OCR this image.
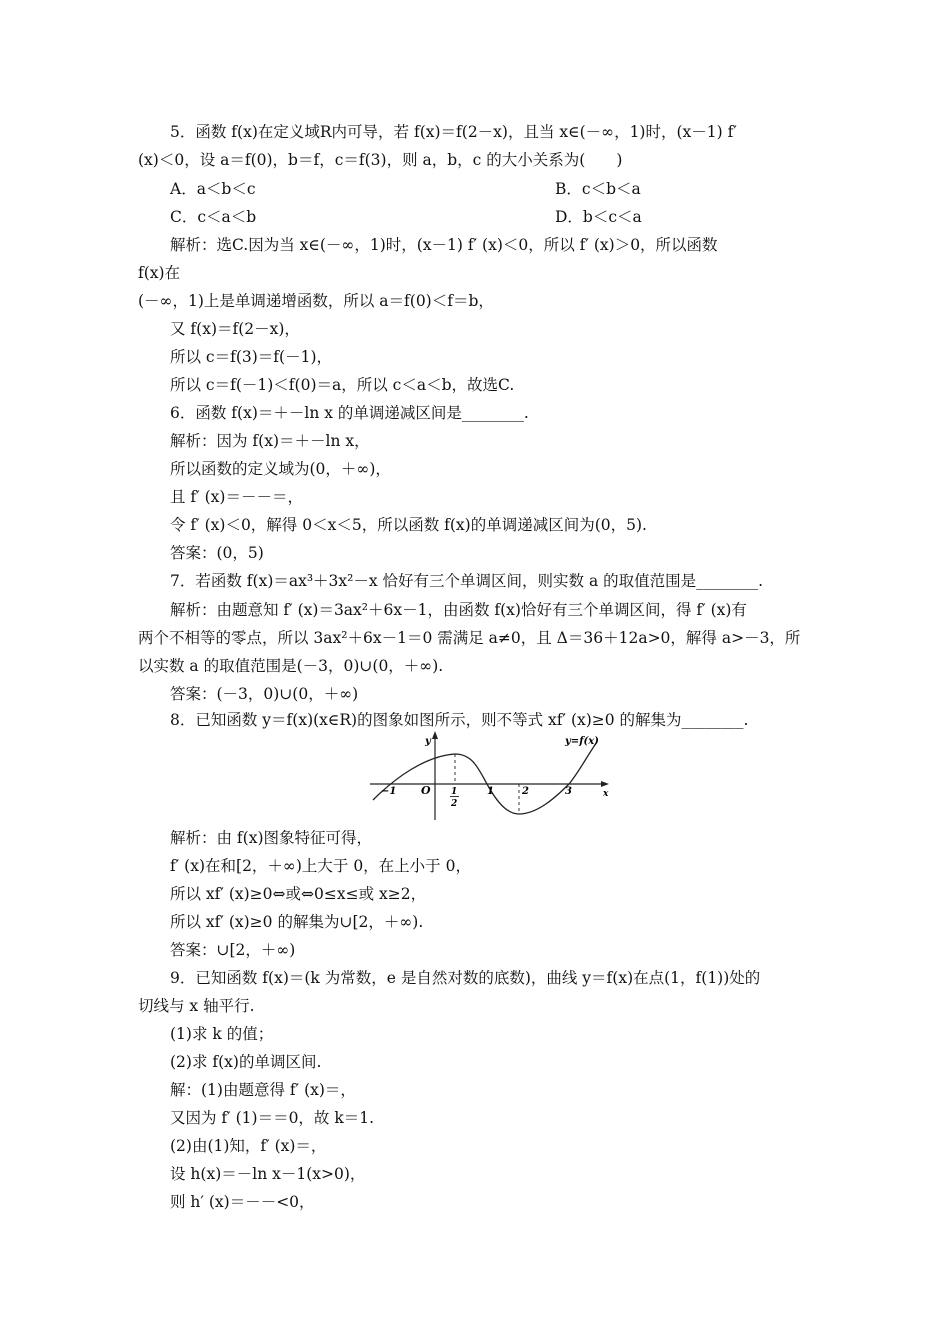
5．函数 f(x)在定义域R内可导，若 f(x)＝f(2－x)，且当 x∈(－∞，1)时，(x－1) f′
(x)＜0，设 a＝f(0)，b＝f，c＝f(3)，则 a，b，c 的大小关系为(　　)
A．a＜b＜c	B．c＜b＜a
C．c＜a＜b	D．b＜c＜a
解析：选C.因为当 x∈(－∞，1)时，(x－1) f′ (x)＜0，所以 f′ (x)＞0，所以函数
f(x)在
(－∞，1)上是单调递增函数，所以 a＝f(0)＜f＝b，
又 f(x)＝f(2－x)，
所以 c＝f(3)＝f(－1)，
所以 c＝f(－1)＜f(0)＝a，所以 c＜a＜b，故选C.
6．函数 f(x)＝＋－ln x 的单调递减区间是________.
解析：因为 f(x)＝＋－ln x，
所以函数的定义域为(0，＋∞)，
且 f′ (x)＝－－＝，
令 f′ (x)＜0，解得 0＜x＜5，所以函数 f(x)的单调递减区间为(0，5).
答案：(0，5)
7．若函数 f(x)＝ax³＋3x²－x 恰好有三个单调区间，则实数 a 的取值范围是________.
解析：由题意知 f′ (x)＝3ax²＋6x－1，由函数 f(x)恰好有三个单调区间，得 f′ (x)有
两个不相等的零点，所以 3ax²＋6x－1＝0 需满足 a≠0，且 Δ＝36＋12a>0，解得 a>－3，所
以实数 a 的取值范围是(－3，0)∪(0，＋∞).
答案：(－3，0)∪(0，＋∞)
8．已知函数 y＝f(x)(x∈R)的图象如图所示，则不等式 xf′ (x)≥0 的解集为________.
y
x
y=f(x)
O
−1	1
2
1	2	3
解析：由 f(x)图象特征可得，
f′ (x)在和[2，＋∞)上大于 0，在上小于 0，
所以 xf′ (x)≥0⇔或⇔0≤x≤或 x≥2，
所以 xf′ (x)≥0 的解集为∪[2，＋∞).
答案：∪[2，＋∞)
9．已知函数 f(x)＝(k 为常数，e 是自然对数的底数)，曲线 y＝f(x)在点(1，f(1))处的
切线与 x 轴平行.
(1)求 k 的值；
(2)求 f(x)的单调区间.
解：(1)由题意得 f′ (x)＝，
又因为 f′ (1)＝＝0，故 k＝1.
(2)由(1)知，f′ (x)＝，
设 h(x)＝－ln x－1(x>0)，
则 h′ (x)＝－－<0，
